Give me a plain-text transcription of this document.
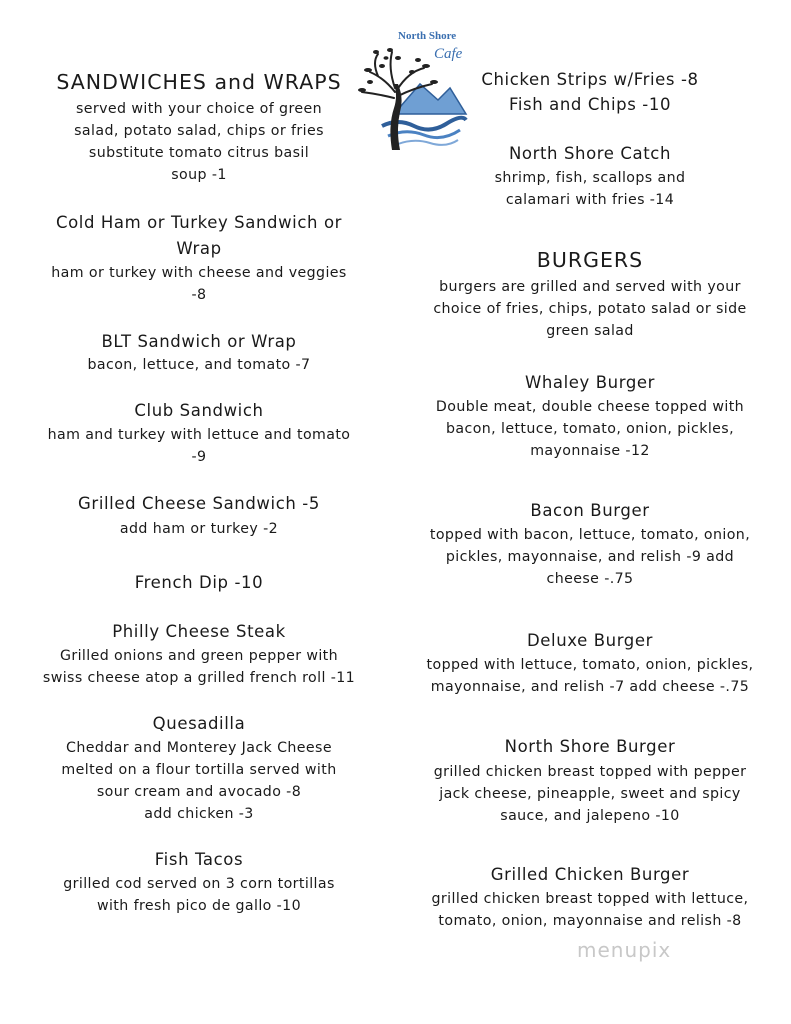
North Shore
Cafe
SANDWICHES and WRAPS
served with your choice of green
salad, potato salad, chips or fries
substitute tomato citrus basil
soup -1
Cold Ham or Turkey Sandwich or
Wrap
ham or turkey with cheese and veggies
-8
BLT Sandwich or Wrap
bacon, lettuce, and tomato -7
Club Sandwich
ham and turkey with lettuce and tomato
-9
Grilled Cheese Sandwich -5
add ham or turkey -2
French Dip -10
Philly Cheese Steak
Grilled onions and green pepper with
swiss cheese atop a grilled french roll -11
Quesadilla
Cheddar and Monterey Jack Cheese
melted on a flour tortilla served with
sour cream and avocado -8
add chicken -3
Fish Tacos
grilled cod served on 3 corn tortillas
with fresh pico de gallo -10
Chicken Strips w/Fries -8
Fish and Chips -10
North Shore Catch
shrimp, fish, scallops and
calamari with fries -14
BURGERS
burgers are grilled and served with your
choice of fries, chips, potato salad or side
green salad
Whaley Burger
Double meat, double cheese topped with
bacon, lettuce, tomato, onion, pickles,
mayonnaise -12
Bacon Burger
topped with bacon, lettuce, tomato, onion,
pickles, mayonnaise, and relish -9 add
cheese -.75
Deluxe Burger
topped with lettuce, tomato, onion, pickles,
mayonnaise, and relish -7 add cheese -.75
North Shore Burger
grilled chicken breast topped with pepper
jack cheese, pineapple, sweet and spicy
sauce, and jalepeno -10
Grilled Chicken Burger
grilled chicken breast topped with lettuce,
tomato, onion, mayonnaise and relish -8
menupix
